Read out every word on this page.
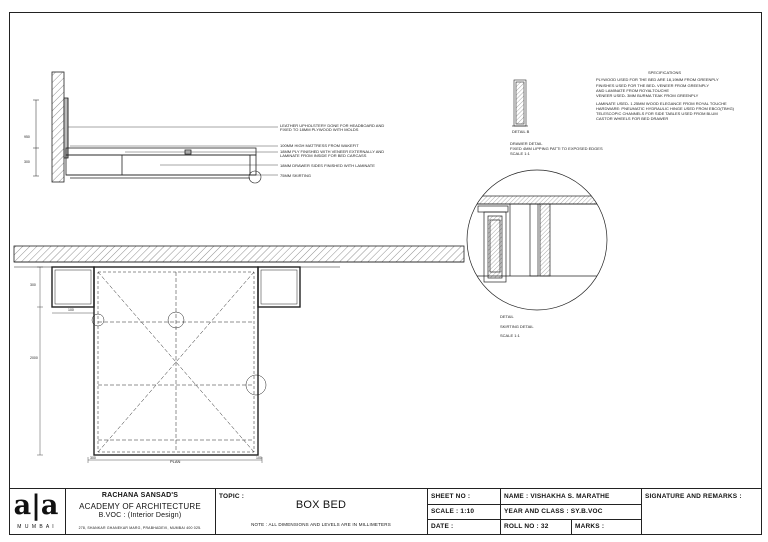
LEATHER UPHOLSTERY DONE FOR HEADBOARD AND
FIXED TO 18MM PLYWOOD WITH MOLDS
100MM HIGH MATTRESS FROM WAKEFIT
18MM PLY FINISHED WITH VENEER EXTERNALLY AND
LAMINATE FROM INSIDE FOR BED CARCASS
18MM DRAWER SIDES FINISHED WITH LAMINATE
75MM SKIRTING
950
300
300
2000
100
300	100
PLAN
SPECIFICATIONS
PLYWOOD USED FOR THE BED ARE 18,19MM FROM GREENPLY
FINISHES USED FOR THE BED- VENEER FROM GREENPLY
AND LAMINATE FROM ROYALTOUCHE
VENEER USED- 3MM BURMA TEAK FROM GREENPLY
LAMINATE USED- 1.25MM WOOD ELEGANCE FROM ROYAL TOUCHE
HARDWARE: PNEUMATIC HYDRAULIC HINGE USED FROM EBCO(TBHG)
TELESCOPIC CHANNELS FOR SIDE TABLES USED FROM BLUM
CASTOR WHEELS FOR BED DRAWER
DETAIL B
DRAWER DETAIL
FIXED 4MM LIPPING PATTI TO EXPOSED EDGES
SCALE 1:1
DETAIL
SKIRTING DETAIL
SCALE 1:1
a|a
M U M B A I
RACHANA SANSAD'S
ACADEMY OF ARCHITECTURE
B.VOC : (Interior Design)
278, SHANKAR GHANEKAR MARG, PRABHADEVI, MUMBAI 400 025.
TOPIC :
BOX BED
NOTE : ALL DIMENSIONS AND LEVELS ARE IN MILLIMETERS
SHEET NO :
SCALE : 1:10
DATE :
NAME : VISHAKHA S. MARATHE
YEAR AND CLASS : SY.B.VOC
ROLL NO : 32	MARKS :
SIGNATURE AND REMARKS :
